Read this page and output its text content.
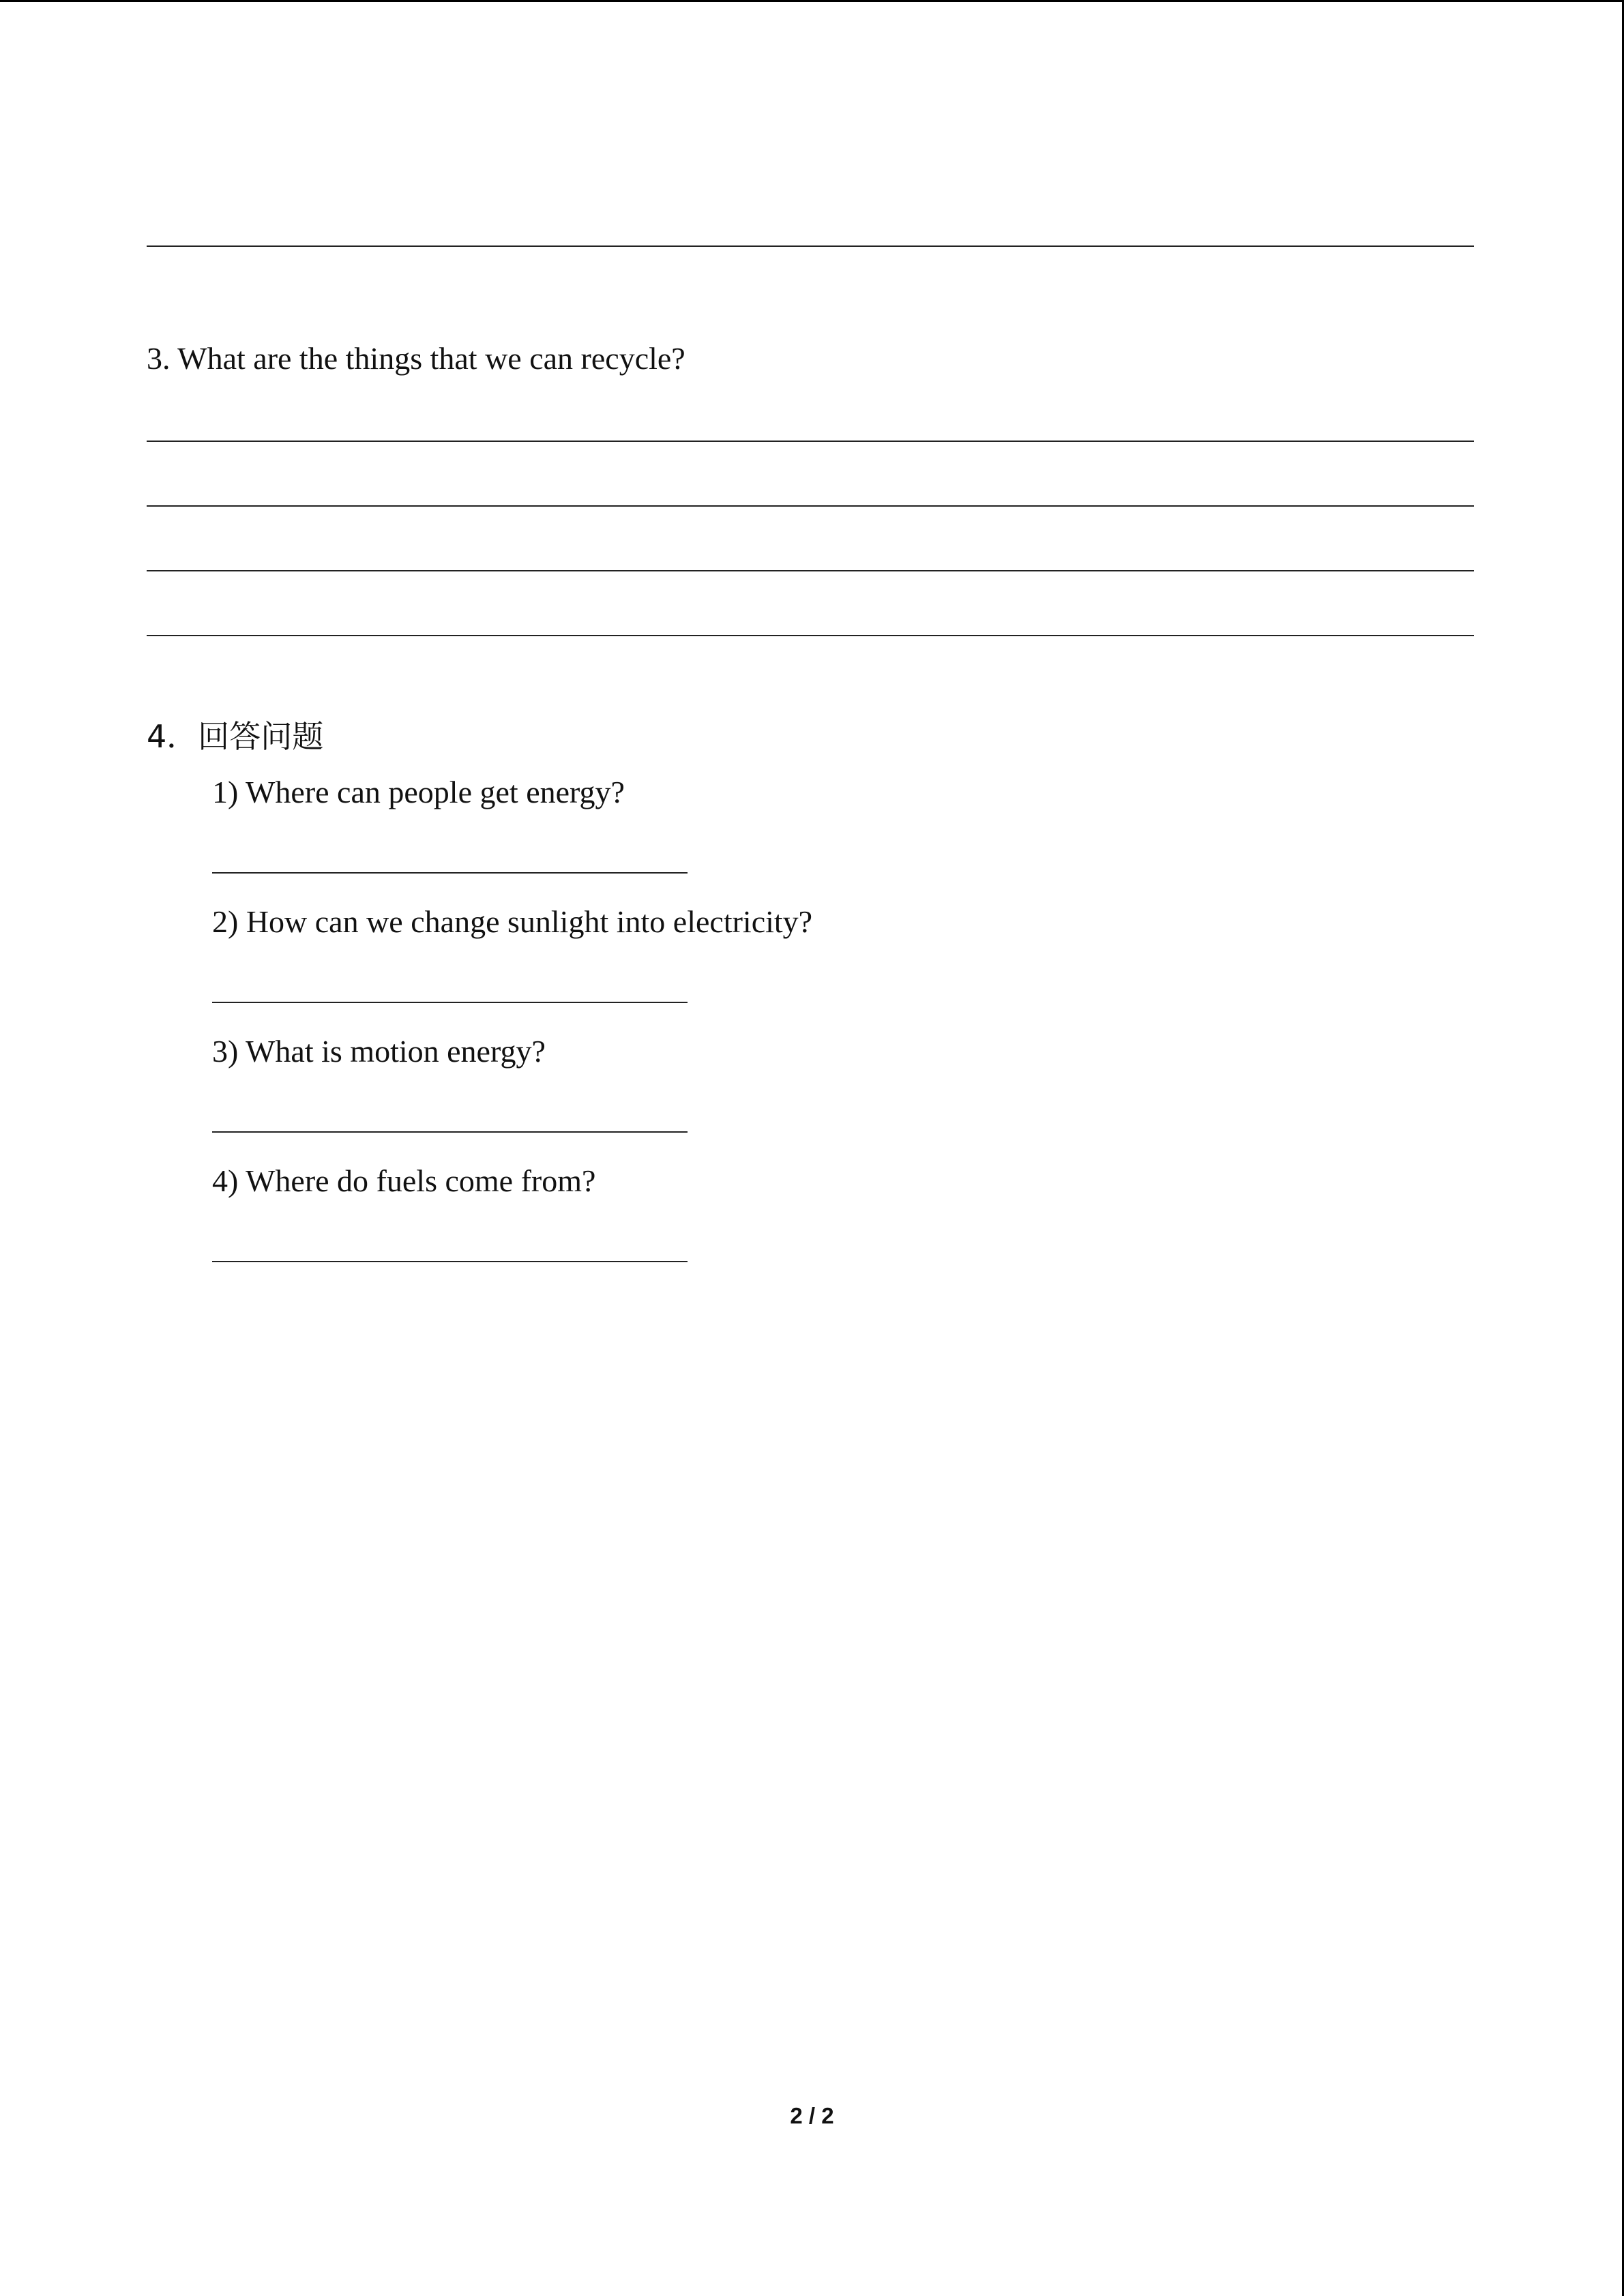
3. What are the things that we can recycle?
4．回答问题
1) Where can people get energy?
2) How can we change sunlight into electricity?
3) What is motion energy?
4) Where do fuels come from?
2 / 2
